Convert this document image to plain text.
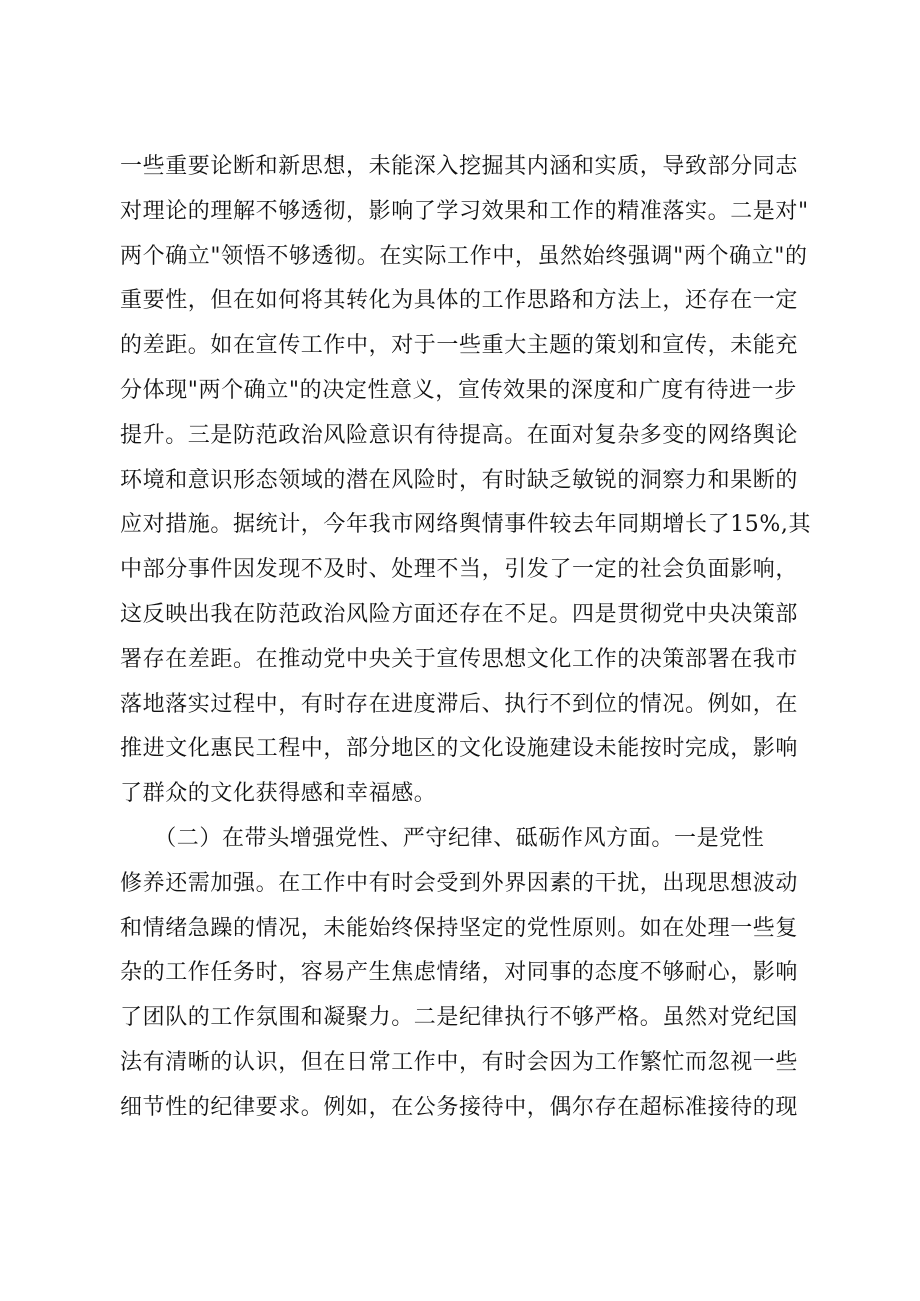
一些重要论断和新思想，未能深入挖掘其内涵和实质，导致部分同志
对理论的理解不够透彻，影响了学习效果和工作的精准落实。二是对"
两个确立"领悟不够透彻。在实际工作中，虽然始终强调"两个确立"的
重要性，但在如何将其转化为具体的工作思路和方法上，还存在一定
的差距。如在宣传工作中，对于一些重大主题的策划和宣传，未能充
分体现"两个确立"的决定性意义，宣传效果的深度和广度有待进一步
提升。三是防范政治风险意识有待提高。在面对复杂多变的网络舆论
环境和意识形态领域的潜在风险时，有时缺乏敏锐的洞察力和果断的
应对措施。据统计，今年我市网络舆情事件较去年同期增长了15%,其
中部分事件因发现不及时、处理不当，引发了一定的社会负面影响，
这反映出我在防范政治风险方面还存在不足。四是贯彻党中央决策部
署存在差距。在推动党中央关于宣传思想文化工作的决策部署在我市
落地落实过程中，有时存在进度滞后、执行不到位的情况。例如，在
推进文化惠民工程中，部分地区的文化设施建设未能按时完成，影响
了群众的文化获得感和幸福感。
　　（二）在带头增强党性、严守纪律、砥砺作风方面。一是党性
修养还需加强。在工作中有时会受到外界因素的干扰，出现思想波动
和情绪急躁的情况，未能始终保持坚定的党性原则。如在处理一些复
杂的工作任务时，容易产生焦虑情绪，对同事的态度不够耐心，影响
了团队的工作氛围和凝聚力。二是纪律执行不够严格。虽然对党纪国
法有清晰的认识，但在日常工作中，有时会因为工作繁忙而忽视一些
细节性的纪律要求。例如，在公务接待中，偶尔存在超标准接待的现
